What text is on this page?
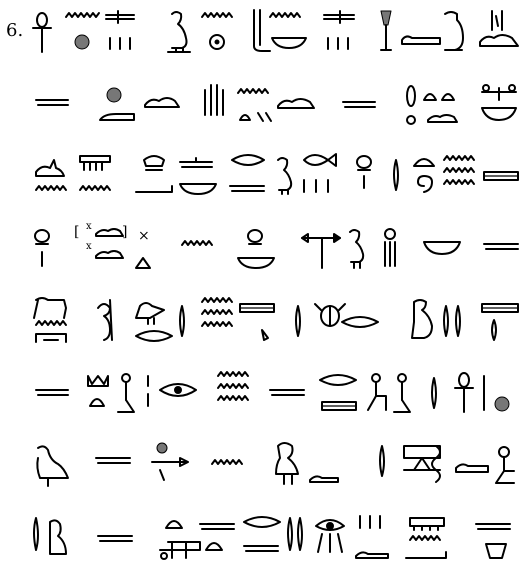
6.
[	]
x
x
×
